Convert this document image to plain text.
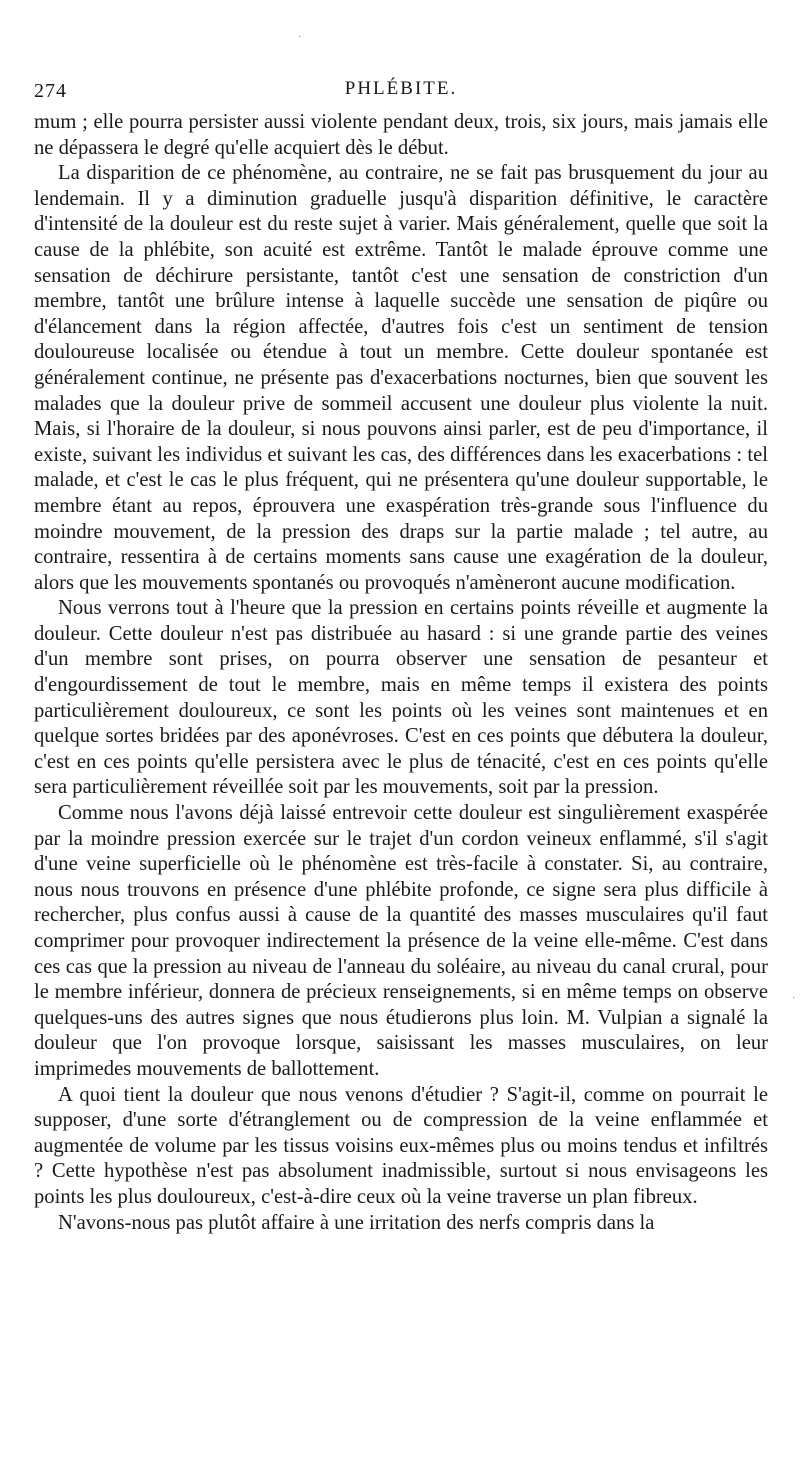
·
·
274	PHLÉBITE.

mum ; elle pourra persister aussi violente pendant deux, trois, six jours, mais jamais elle ne dépassera le degré qu'elle acquiert dès le début.

La disparition de ce phénomène, au contraire, ne se fait pas brusquement du jour au lendemain. Il y a diminution graduelle jusqu'à disparition définitive, le caractère d'intensité de la douleur est du reste sujet à varier. Mais généralement, quelle que soit la cause de la phlébite, son acuité est extrême. Tantôt le malade éprouve comme une sensation de déchirure persistante, tantôt c'est une sensation de constriction d'un membre, tantôt une brûlure intense à laquelle succède une sensation de piqûre ou d'élancement dans la région affectée, d'autres fois c'est un sentiment de tension douloureuse localisée ou étendue à tout un membre. Cette douleur spontanée est généralement continue, ne présente pas d'exacerbations nocturnes, bien que souvent les malades que la douleur prive de sommeil accusent une douleur plus violente la nuit. Mais, si l'horaire de la douleur, si nous pouvons ainsi parler, est de peu d'importance, il existe, suivant les individus et suivant les cas, des différences dans les exacerbations : tel malade, et c'est le cas le plus fréquent, qui ne présentera qu'une douleur supportable, le membre étant au repos, éprouvera une exaspération très-grande sous l'influence du moindre mouvement, de la pression des draps sur la partie malade ; tel autre, au contraire, ressentira à de certains moments sans cause une exagération de la douleur, alors que les mouvements spontanés ou provoqués n'amèneront aucune modification.

Nous verrons tout à l'heure que la pression en certains points réveille et augmente la douleur. Cette douleur n'est pas distribuée au hasard : si une grande partie des veines d'un membre sont prises, on pourra observer une sensation de pesanteur et d'engourdissement de tout le membre, mais en même temps il existera des points particulièrement douloureux, ce sont les points où les veines sont maintenues et en quelque sortes bridées par des aponévroses. C'est en ces points que débutera la douleur, c'est en ces points qu'elle persistera avec le plus de ténacité, c'est en ces points qu'elle sera particulièrement réveillée soit par les mouvements, soit par la pression.

Comme nous l'avons déjà laissé entrevoir cette douleur est singulièrement exaspérée par la moindre pression exercée sur le trajet d'un cordon veineux enflammé, s'il s'agit d'une veine superficielle où le phénomène est très-facile à constater. Si, au contraire, nous nous trouvons en présence d'une phlébite profonde, ce signe sera plus difficile à rechercher, plus confus aussi à cause de la quantité des masses musculaires qu'il faut comprimer pour provoquer indirectement la présence de la veine elle-même. C'est dans ces cas que la pression au niveau de l'anneau du soléaire, au niveau du canal crural, pour le membre inférieur, donnera de précieux renseignements, si en même temps on observe quelques-uns des autres signes que nous étudierons plus loin. M. Vulpian a signalé la douleur que l'on provoque lorsque, saisissant les masses musculaires, on leur imprimedes mouvements de ballottement.

A quoi tient la douleur que nous venons d'étudier ? S'agit-il, comme on pourrait le supposer, d'une sorte d'étranglement ou de compression de la veine enflammée et augmentée de volume par les tissus voisins eux-mêmes plus ou moins tendus et infiltrés ? Cette hypothèse n'est pas absolument inadmissible, surtout si nous envisageons les points les plus douloureux, c'est-à-dire ceux où la veine traverse un plan fibreux.

N'avons-nous pas plutôt affaire à une irritation des nerfs compris dans la
